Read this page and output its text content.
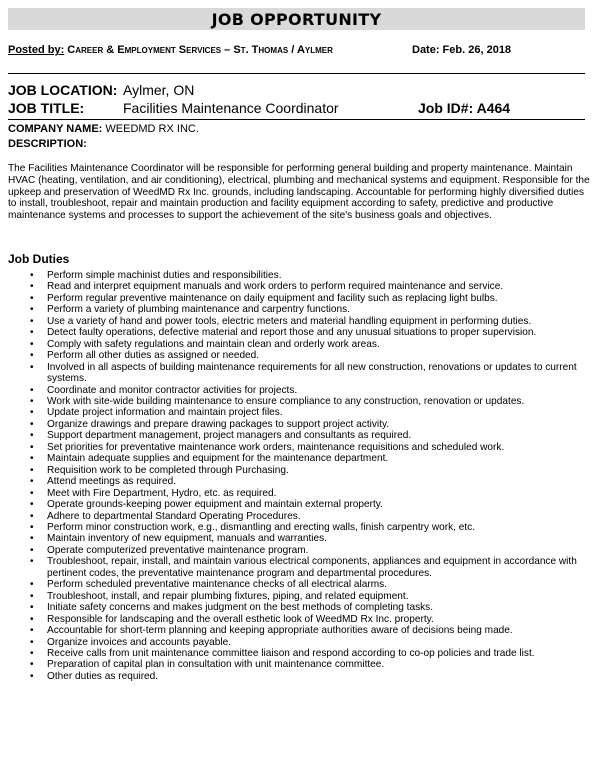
JOB OPPORTUNITY
Posted by: Career & Employment Services – St. Thomas / Aylmer	Date: Feb. 26, 2018
JOB LOCATION: Aylmer, ON
JOB TITLE:	Facilities Maintenance Coordinator	Job ID#: A464
COMPANY NAME: WEEDMD RX INC.
DESCRIPTION:
The Facilities Maintenance Coordinator will be responsible for performing general building and property maintenance. Maintain HVAC (heating, ventilation, and air conditioning), electrical, plumbing and mechanical systems and equipment. Responsible for the upkeep and preservation of WeedMD Rx Inc. grounds, including landscaping. Accountable for performing highly diversified duties to install, troubleshoot, repair and maintain production and facility equipment according to safety, predictive and productive maintenance systems and processes to support the achievement of the site's business goals and objectives.
Job Duties
• Perform simple machinist duties and responsibilities.
• Read and interpret equipment manuals and work orders to perform required maintenance and service.
• Perform regular preventive maintenance on daily equipment and facility such as replacing light bulbs.
• Perform a variety of plumbing maintenance and carpentry functions.
• Use a variety of hand and power tools, electric meters and material handling equipment in performing duties.
• Detect faulty operations, defective material and report those and any unusual situations to proper supervision.
• Comply with safety regulations and maintain clean and orderly work areas.
• Perform all other duties as assigned or needed.
• Involved in all aspects of building maintenance requirements for all new construction, renovations or updates to current systems.
• Coordinate and monitor contractor activities for projects.
• Work with site-wide building maintenance to ensure compliance to any construction, renovation or updates.
• Update project information and maintain project files.
• Organize drawings and prepare drawing packages to support project activity.
• Support department management, project managers and consultants as required.
• Set priorities for preventative maintenance work orders, maintenance requisitions and scheduled work.
• Maintain adequate supplies and equipment for the maintenance department.
• Requisition work to be completed through Purchasing.
• Attend meetings as required.
• Meet with Fire Department, Hydro, etc. as required.
• Operate grounds-keeping power equipment and maintain external property.
• Adhere to departmental Standard Operating Procedures.
• Perform minor construction work, e.g., dismantling and erecting walls, finish carpentry work, etc.
• Maintain inventory of new equipment, manuals and warranties.
• Operate computerized preventative maintenance program.
• Troubleshoot, repair, install, and maintain various electrical components, appliances and equipment in accordance with pertinent codes, the preventative maintenance program and departmental procedures.
• Perform scheduled preventative maintenance checks of all electrical alarms.
• Troubleshoot, install, and repair plumbing fixtures, piping, and related equipment.
• Initiate safety concerns and makes judgment on the best methods of completing tasks.
• Responsible for landscaping and the overall esthetic look of WeedMD Rx Inc. property.
• Accountable for short-term planning and keeping appropriate authorities aware of decisions being made.
• Organize invoices and accounts payable.
• Receive calls from unit maintenance committee liaison and respond according to co-op policies and trade list.
• Preparation of capital plan in consultation with unit maintenance committee.
• Other duties as required.
